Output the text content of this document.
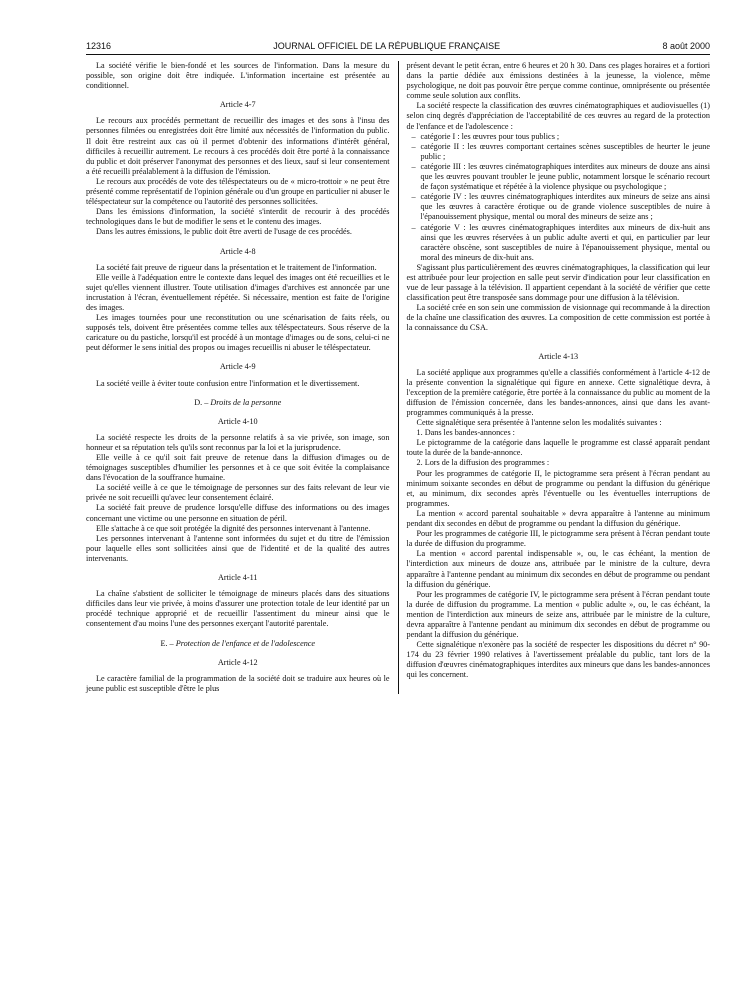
12316	JOURNAL OFFICIEL DE LA RÉPUBLIQUE FRANÇAISE	8 août 2000

La société vérifie le bien-fondé et les sources de l'information. Dans la mesure du possible, son origine doit être indiquée. L'information incertaine est présentée au conditionnel.

Article 4-7

Le recours aux procédés permettant de recueillir des images et des sons à l'insu des personnes filmées ou enregistrées doit être limité aux nécessités de l'information du public. Il doit être restreint aux cas où il permet d'obtenir des informations d'intérêt général, difficiles à recueillir autrement. Le recours à ces procédés doit être porté à la connaissance du public et doit préserver l'anonymat des personnes et des lieux, sauf si leur consentement a été recueilli préalablement à la diffusion de l'émission.

Le recours aux procédés de vote des téléspectateurs ou de « micro-trottoir » ne peut être présenté comme représentatif de l'opinion générale ou d'un groupe en particulier ni abuser le téléspectateur sur la compétence ou l'autorité des personnes sollicitées.

Dans les émissions d'information, la société s'interdit de recourir à des procédés technologiques dans le but de modifier le sens et le contenu des images.

Dans les autres émissions, le public doit être averti de l'usage de ces procédés.

Article 4-8

La société fait preuve de rigueur dans la présentation et le traitement de l'information.

Elle veille à l'adéquation entre le contexte dans lequel des images ont été recueillies et le sujet qu'elles viennent illustrer. Toute utilisation d'images d'archives est annoncée par une incrustation à l'écran, éventuellement répétée. Si nécessaire, mention est faite de l'origine des images.

Les images tournées pour une reconstitution ou une scénarisation de faits réels, ou supposés tels, doivent être présentées comme telles aux téléspectateurs. Sous réserve de la caricature ou du pastiche, lorsqu'il est procédé à un montage d'images ou de sons, celui-ci ne peut déformer le sens initial des propos ou images recueillis ni abuser le téléspectateur.

Article 4-9

La société veille à éviter toute confusion entre l'information et le divertissement.

D. – Droits de la personne
Article 4-10

La société respecte les droits de la personne relatifs à sa vie privée, son image, son honneur et sa réputation tels qu'ils sont reconnus par la loi et la jurisprudence.

Elle veille à ce qu'il soit fait preuve de retenue dans la diffusion d'images ou de témoignages susceptibles d'humilier les personnes et à ce que soit évitée la complaisance dans l'évocation de la souffrance humaine.

La société veille à ce que le témoignage de personnes sur des faits relevant de leur vie privée ne soit recueilli qu'avec leur consentement éclairé.

La société fait preuve de prudence lorsqu'elle diffuse des informations ou des images concernant une victime ou une personne en situation de péril.

Elle s'attache à ce que soit protégée la dignité des personnes intervenant à l'antenne.

Les personnes intervenant à l'antenne sont informées du sujet et du titre de l'émission pour laquelle elles sont sollicitées ainsi que de l'identité et de la qualité des autres intervenants.

Article 4-11

La chaîne s'abstient de solliciter le témoignage de mineurs placés dans des situations difficiles dans leur vie privée, à moins d'assurer une protection totale de leur identité par un procédé technique approprié et de recueillir l'assentiment du mineur ainsi que le consentement d'au moins l'une des personnes exerçant l'autorité parentale.

E. – Protection de l'enfance et de l'adolescence
Article 4-12

Le caractère familial de la programmation de la société doit se traduire aux heures où le jeune public est susceptible d'être le plus

présent devant le petit écran, entre 6 heures et 20 h 30. Dans ces plages horaires et a fortiori dans la partie dédiée aux émissions destinées à la jeunesse, la violence, même psychologique, ne doit pas pouvoir être perçue comme continue, omniprésente ou présentée comme seule solution aux conflits.

La société respecte la classification des œuvres cinématographiques et audiovisuelles (1) selon cinq degrés d'appréciation de l'acceptabilité de ces œuvres au regard de la protection de l'enfance et de l'adolescence :

– catégorie I : les œuvres pour tous publics ;
– catégorie II : les œuvres comportant certaines scènes susceptibles de heurter le jeune public ;
– catégorie III : les œuvres cinématographiques interdites aux mineurs de douze ans ainsi que les œuvres pouvant troubler le jeune public, notamment lorsque le scénario recourt de façon systématique et répétée à la violence physique ou psychologique ;
– catégorie IV : les œuvres cinématographiques interdites aux mineurs de seize ans ainsi que les œuvres à caractère érotique ou de grande violence susceptibles de nuire à l'épanouissement physique, mental ou moral des mineurs de seize ans ;
– catégorie V : les œuvres cinématographiques interdites aux mineurs de dix-huit ans ainsi que les œuvres réservées à un public adulte averti et qui, en particulier par leur caractère obscène, sont susceptibles de nuire à l'épanouissement physique, mental ou moral des mineurs de dix-huit ans.

S'agissant plus particulièrement des œuvres cinématographiques, la classification qui leur est attribuée pour leur projection en salle peut servir d'indication pour leur classification en vue de leur passage à la télévision. Il appartient cependant à la société de vérifier que cette classification peut être transposée sans dommage pour une diffusion à la télévision.

La société crée en son sein une commission de visionnage qui recommande à la direction de la chaîne une classification des œuvres. La composition de cette commission est portée à la connaissance du CSA.

Article 4-13

La société applique aux programmes qu'elle a classifiés conformément à l'article 4-12 de la présente convention la signalétique qui figure en annexe. Cette signalétique devra, à l'exception de la première catégorie, être portée à la connaissance du public au moment de la diffusion de l'émission concernée, dans les bandes-annonces, ainsi que dans les avant-programmes communiqués à la presse.

Cette signalétique sera présentée à l'antenne selon les modalités suivantes :

1. Dans les bandes-annonces :

Le pictogramme de la catégorie dans laquelle le programme est classé apparaît pendant toute la durée de la bande-annonce.

2. Lors de la diffusion des programmes :

Pour les programmes de catégorie II, le pictogramme sera présent à l'écran pendant au minimum soixante secondes en début de programme ou pendant la diffusion du générique et, au minimum, dix secondes après l'éventuelle ou les éventuelles interruptions de programmes.

La mention « accord parental souhaitable » devra apparaître à l'antenne au minimum pendant dix secondes en début de programme ou pendant la diffusion du générique.

Pour les programmes de catégorie III, le pictogramme sera présent à l'écran pendant toute la durée de diffusion du programme.

La mention « accord parental indispensable », ou, le cas échéant, la mention de l'interdiction aux mineurs de douze ans, attribuée par le ministre de la culture, devra apparaître à l'antenne pendant au minimum dix secondes en début de programme ou pendant la diffusion du générique.

Pour les programmes de catégorie IV, le pictogramme sera présent à l'écran pendant toute la durée de diffusion du programme. La mention « public adulte », ou, le cas échéant, la mention de l'interdiction aux mineurs de seize ans, attribuée par le ministre de la culture, devra apparaître à l'antenne pendant au minimum dix secondes en début de programme ou pendant la diffusion du générique.

Cette signalétique n'exonère pas la société de respecter les dispositions du décret n° 90-174 du 23 février 1990 relatives à l'avertissement préalable du public, tant lors de la diffusion d'œuvres cinématographiques interdites aux mineurs que dans les bandes-annonces qui les concernent.
